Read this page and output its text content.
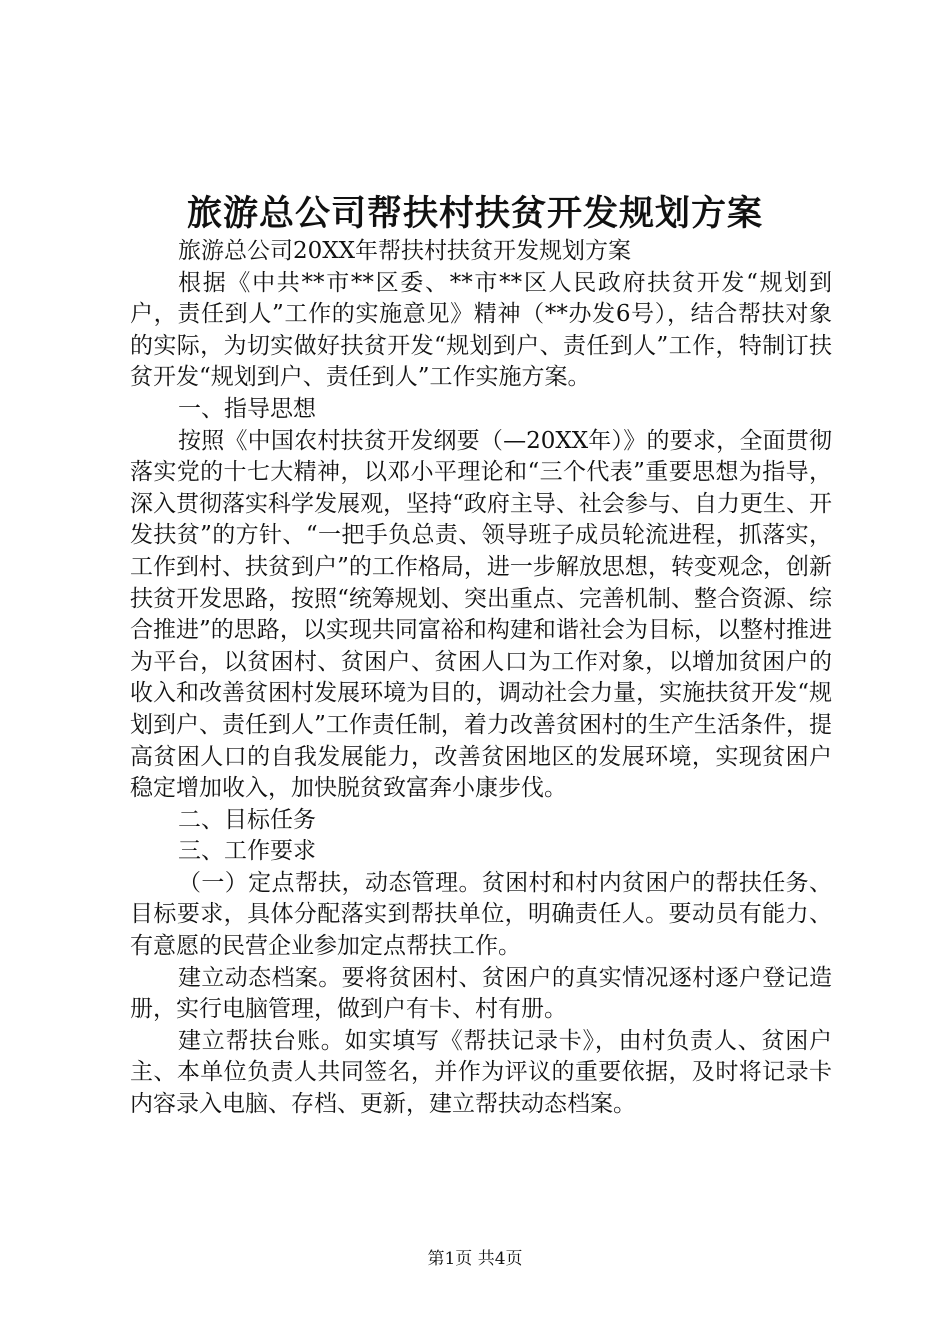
旅游总公司帮扶村扶贫开发规划方案

旅游总公司20XX年帮扶村扶贫开发规划方案

根据《中共**市**区委、**市**区人民政府扶贫开发“规划到户，责任到人”工作的实施意见》精神（**办发6号），结合帮扶对象的实际，为切实做好扶贫开发“规划到户、责任到人”工作，特制订扶贫开发“规划到户、责任到人”工作实施方案。

一、指导思想

按照《中国农村扶贫开发纲要（—20XX年）》的要求，全面贯彻落实党的十七大精神，以邓小平理论和“三个代表”重要思想为指导，深入贯彻落实科学发展观，坚持“政府主导、社会参与、自力更生、开发扶贫”的方针、“一把手负总责、领导班子成员轮流进程，抓落实，工作到村、扶贫到户”的工作格局，进一步解放思想，转变观念，创新扶贫开发思路，按照“统筹规划、突出重点、完善机制、整合资源、综合推进”的思路，以实现共同富裕和构建和谐社会为目标，以整村推进为平台，以贫困村、贫困户、贫困人口为工作对象，以增加贫困户的收入和改善贫困村发展环境为目的，调动社会力量，实施扶贫开发“规划到户、责任到人”工作责任制，着力改善贫困村的生产生活条件，提高贫困人口的自我发展能力，改善贫困地区的发展环境，实现贫困户稳定增加收入，加快脱贫致富奔小康步伐。

二、目标任务

三、工作要求

（一）定点帮扶，动态管理。贫困村和村内贫困户的帮扶任务、目标要求，具体分配落实到帮扶单位，明确责任人。要动员有能力、有意愿的民营企业参加定点帮扶工作。

建立动态档案。要将贫困村、贫困户的真实情况逐村逐户登记造册，实行电脑管理，做到户有卡、村有册。

建立帮扶台账。如实填写《帮扶记录卡》，由村负责人、贫困户主、本单位负责人共同签名，并作为评议的重要依据，及时将记录卡内容录入电脑、存档、更新，建立帮扶动态档案。

第1页 共4页
